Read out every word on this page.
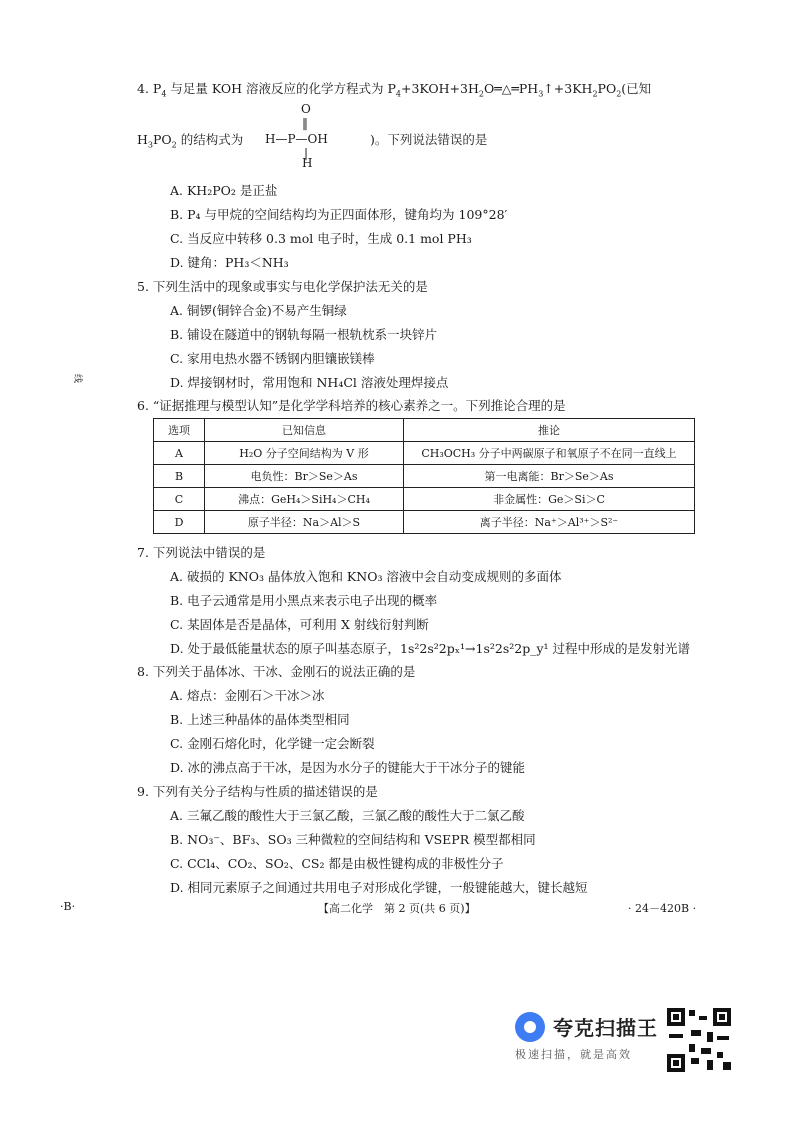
4. $P_4$ 与足量 KOH 溶液反应的化学方程式为 $P_4+3KOH+3H_2O═\triangle═PH_3↑+3KH_2PO_2$(已知
O
‖
H—P—OH
|
H
$H_3PO_2$ 的结构式为	)。下列说法错误的是
A. KH₂PO₂ 是正盐
B. P₄ 与甲烷的空间结构均为正四面体形，键角均为 109°28′
C. 当反应中转移 0.3 mol 电子时，生成 0.1 mol PH₃
D. 键角：PH₃＜NH₃
5. 下列生活中的现象或事实与电化学保护法无关的是
A. 铜锣(铜锌合金)不易产生铜绿
B. 铺设在隧道中的钢轨每隔一根轨枕系一块锌片
C. 家用电热水器不锈钢内胆镶嵌镁棒
D. 焊接钢材时，常用饱和 NH₄Cl 溶液处理焊接点
线
6. “证据推理与模型认知”是化学学科培养的核心素养之一。下列推论合理的是
选项	已知信息	推论
A	H₂O 分子空间结构为 V 形	CH₃OCH₃ 分子中两碳原子和氧原子不在同一直线上
B	电负性：Br＞Se＞As	第一电离能：Br＞Se＞As
C	沸点：GeH₄＞SiH₄＞CH₄	非金属性：Ge＞Si＞C
D	原子半径：Na＞Al＞S	离子半径：Na⁺＞Al³⁺＞S²⁻
7. 下列说法中错误的是
A. 破损的 KNO₃ 晶体放入饱和 KNO₃ 溶液中会自动变成规则的多面体
B. 电子云通常是用小黑点来表示电子出现的概率
C. 某固体是否是晶体，可利用 X 射线衍射判断
D. 处于最低能量状态的原子叫基态原子，1s²2s²2pₓ¹→1s²2s²2p_y¹ 过程中形成的是发射光谱
8. 下列关于晶体冰、干冰、金刚石的说法正确的是
A. 熔点：金刚石＞干冰＞冰
B. 上述三种晶体的晶体类型相同
C. 金刚石熔化时，化学键一定会断裂
D. 冰的沸点高于干冰，是因为水分子的键能大于干冰分子的键能
9. 下列有关分子结构与性质的描述错误的是
A. 三氟乙酸的酸性大于三氯乙酸，三氯乙酸的酸性大于二氯乙酸
B. NO₃⁻、BF₃、SO₃ 三种微粒的空间结构和 VSEPR 模型都相同
C. CCl₄、CO₂、SO₂、CS₂ 都是由极性键构成的非极性分子
D. 相同元素原子之间通过共用电子对形成化学键，一般键能越大，键长越短
·B·	【高二化学　第 2 页(共 6 页)】	· 24－420B ·
夸克扫描王
极速扫描，就是高效
